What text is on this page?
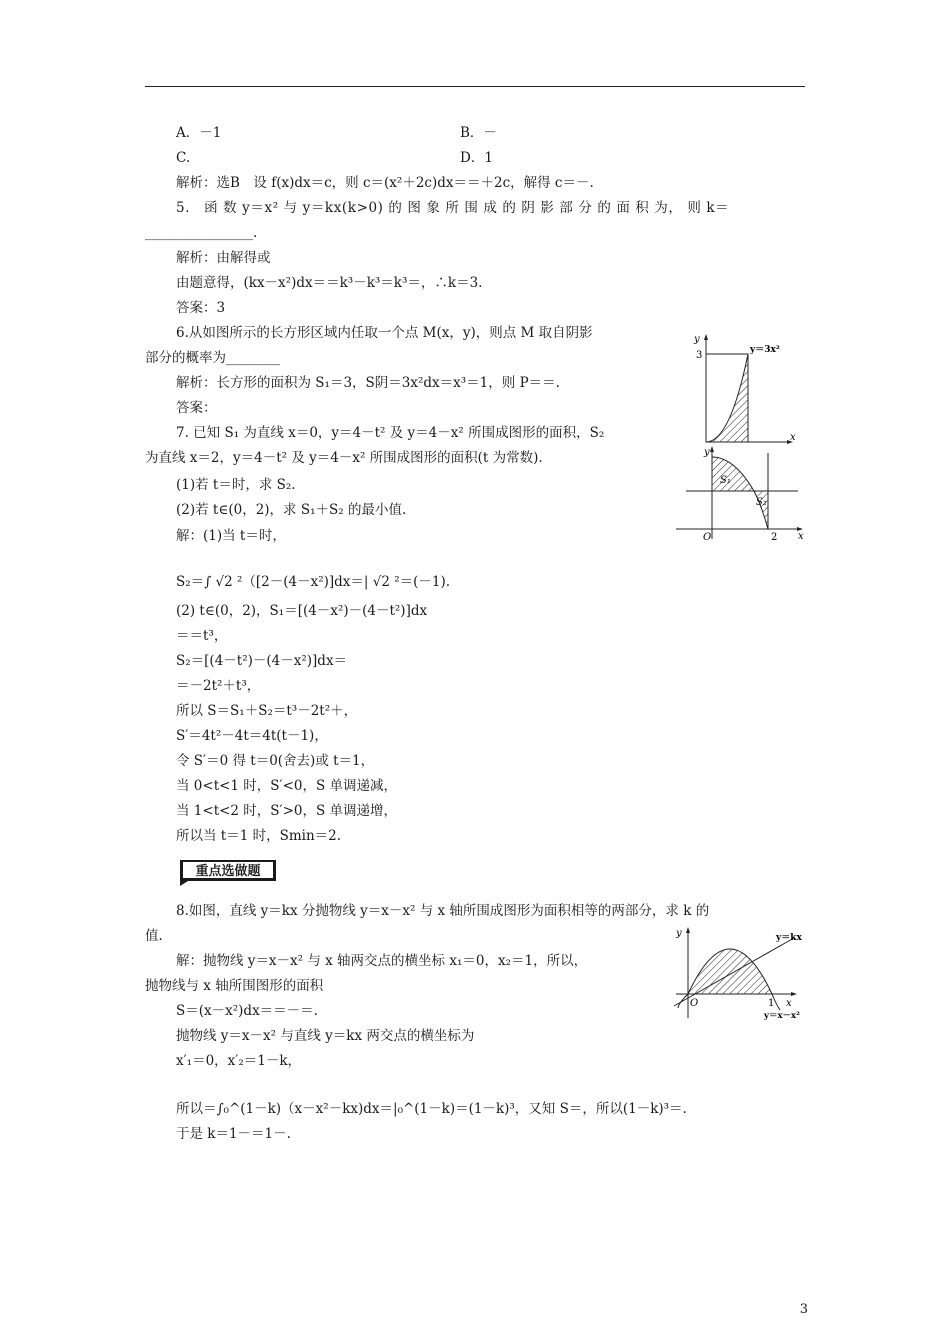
A．－1	B．－
C.	D．1
解析：选B　设 f(x)dx＝c，则 c＝(x²＋2c)dx＝＝＋2c，解得 c＝－.
5． 函 数 y＝x² 与 y＝kx(k>0) 的 图 象 所 围 成 的 阴 影 部 分 的 面 积 为， 则 k＝
________________.
解析：由解得或
由题意得，(kx－x²)dx＝＝k³－k³＝k³＝，∴k＝3.
答案：3
6.从如图所示的长方形区域内任取一个点 M(x，y)，则点 M 取自阴影
部分的概率为________
解析：长方形的面积为 S₁＝3，S阴＝3x²dx＝x³＝1，则 P＝＝.
答案：
7. 已知 S₁ 为直线 x＝0，y＝4－t² 及 y＝4－x² 所围成图形的面积，S₂
为直线 x＝2，y＝4－t² 及 y＝4－x² 所围成图形的面积(t 为常数).
(1)若 t＝时，求 S₂.
(2)若 t∈(0，2)，求 S₁＋S₂ 的最小值.
解：(1)当 t＝时，
S₂＝∫ √2 ²（[2－(4－x²)]dx＝| √2 ²＝(－1).
(2) t∈(0，2)，S₁＝[(4－x²)－(4－t²)]dx
＝＝t³，
S₂＝[(4－t²)－(4－x²)]dx＝
＝－2t²＋t³，
所以 S＝S₁＋S₂＝t³－2t²＋，
S′＝4t²－4t＝4t(t－1)，
令 S′＝0 得 t＝0(舍去)或 t＝1，
当 0<t<1 时，S′<0，S 单调递减，
当 1<t<2 时，S′>0，S 单调递增，
所以当 t＝1 时，Smin＝2.
重点选做题
8.如图，直线 y＝kx 分抛物线 y＝x－x² 与 x 轴所围成图形为面积相等的两部分，求 k 的
值.
解：抛物线 y＝x－x² 与 x 轴两交点的横坐标 x₁＝0，x₂＝1，所以，
抛物线与 x 轴所围图形的面积
S＝(x－x²)dx＝＝－＝.
抛物线 y＝x－x² 与直线 y＝kx 两交点的横坐标为
x′₁＝0，x′₂＝1－k，
所以＝∫₀^(1－k)（x－x²－kx)dx＝|₀^(1－k)＝(1－k)³，又知 S＝，所以(1－k)³＝.
于是 k＝1－＝1－.
y
x
3	y＝3x²
y
x
O	2
S₁
S₂
y
x
O	1
y＝kx
y＝x－x²
3
